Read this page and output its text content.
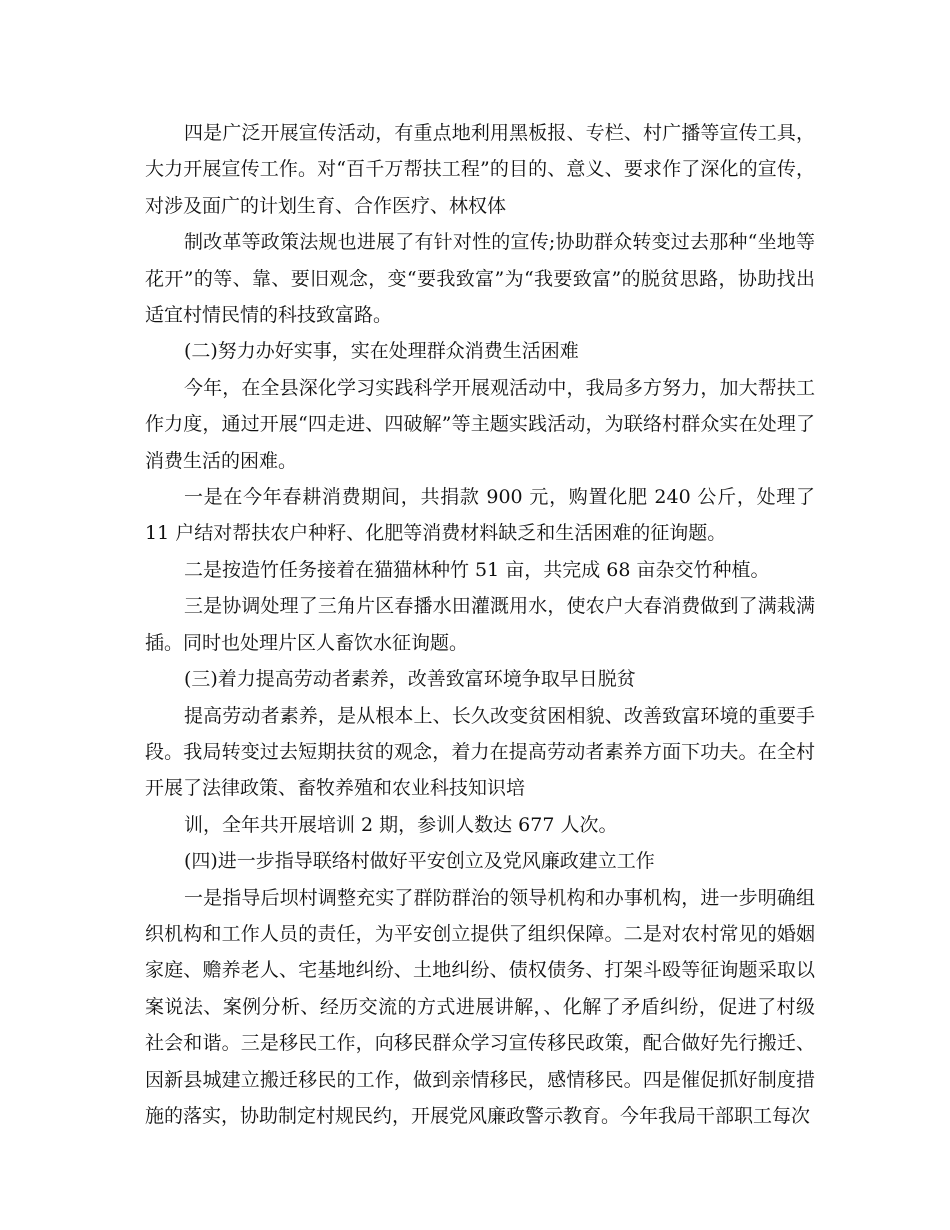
四是广泛开展宣传活动，有重点地利用黑板报、专栏、村广播等宣传工具，大力开展宣传工作。对“百千万帮扶工程”的目的、意义、要求作了深化的宣传，对涉及面广的计划生育、合作医疗、林权体

制改革等政策法规也进展了有针对性的宣传;协助群众转变过去那种“坐地等花开”的等、靠、要旧观念，变“要我致富”为“我要致富”的脱贫思路，协助找出适宜村情民情的科技致富路。

(二)努力办好实事，实在处理群众消费生活困难

今年，在全县深化学习实践科学开展观活动中，我局多方努力，加大帮扶工作力度，通过开展“四走进、四破解”等主题实践活动，为联络村群众实在处理了消费生活的困难。

一是在今年春耕消费期间，共捐款 900 元，购置化肥 240 公斤，处理了 11 户结对帮扶农户种籽、化肥等消费材料缺乏和生活困难的征询题。

二是按造竹任务接着在猫猫林种竹 51 亩，共完成 68 亩杂交竹种植。

三是协调处理了三角片区春播水田灌溉用水，使农户大春消费做到了满栽满插。同时也处理片区人畜饮水征询题。

(三)着力提高劳动者素养，改善致富环境争取早日脱贫

提高劳动者素养，是从根本上、长久改变贫困相貌、改善致富环境的重要手段。我局转变过去短期扶贫的观念，着力在提高劳动者素养方面下功夫。在全村开展了法律政策、畜牧养殖和农业科技知识培

训，全年共开展培训 2 期，参训人数达 677 人次。

(四)进一步指导联络村做好平安创立及党风廉政建立工作

一是指导后坝村调整充实了群防群治的领导机构和办事机构，进一步明确组织机构和工作人员的责任，为平安创立提供了组织保障。二是对农村常见的婚姻家庭、赡养老人、宅基地纠纷、土地纠纷、债权债务、打架斗殴等征询题采取以案说法、案例分析、经历交流的方式进展讲解，、化解了矛盾纠纷，促进了村级社会和谐。三是移民工作，向移民群众学习宣传移民政策，配合做好先行搬迁、因新县城建立搬迁移民的工作，做到亲情移民，感情移民。四是催促抓好制度措施的落实，协助制定村规民约，开展党风廉政警示教育。今年我局干部职工每次
